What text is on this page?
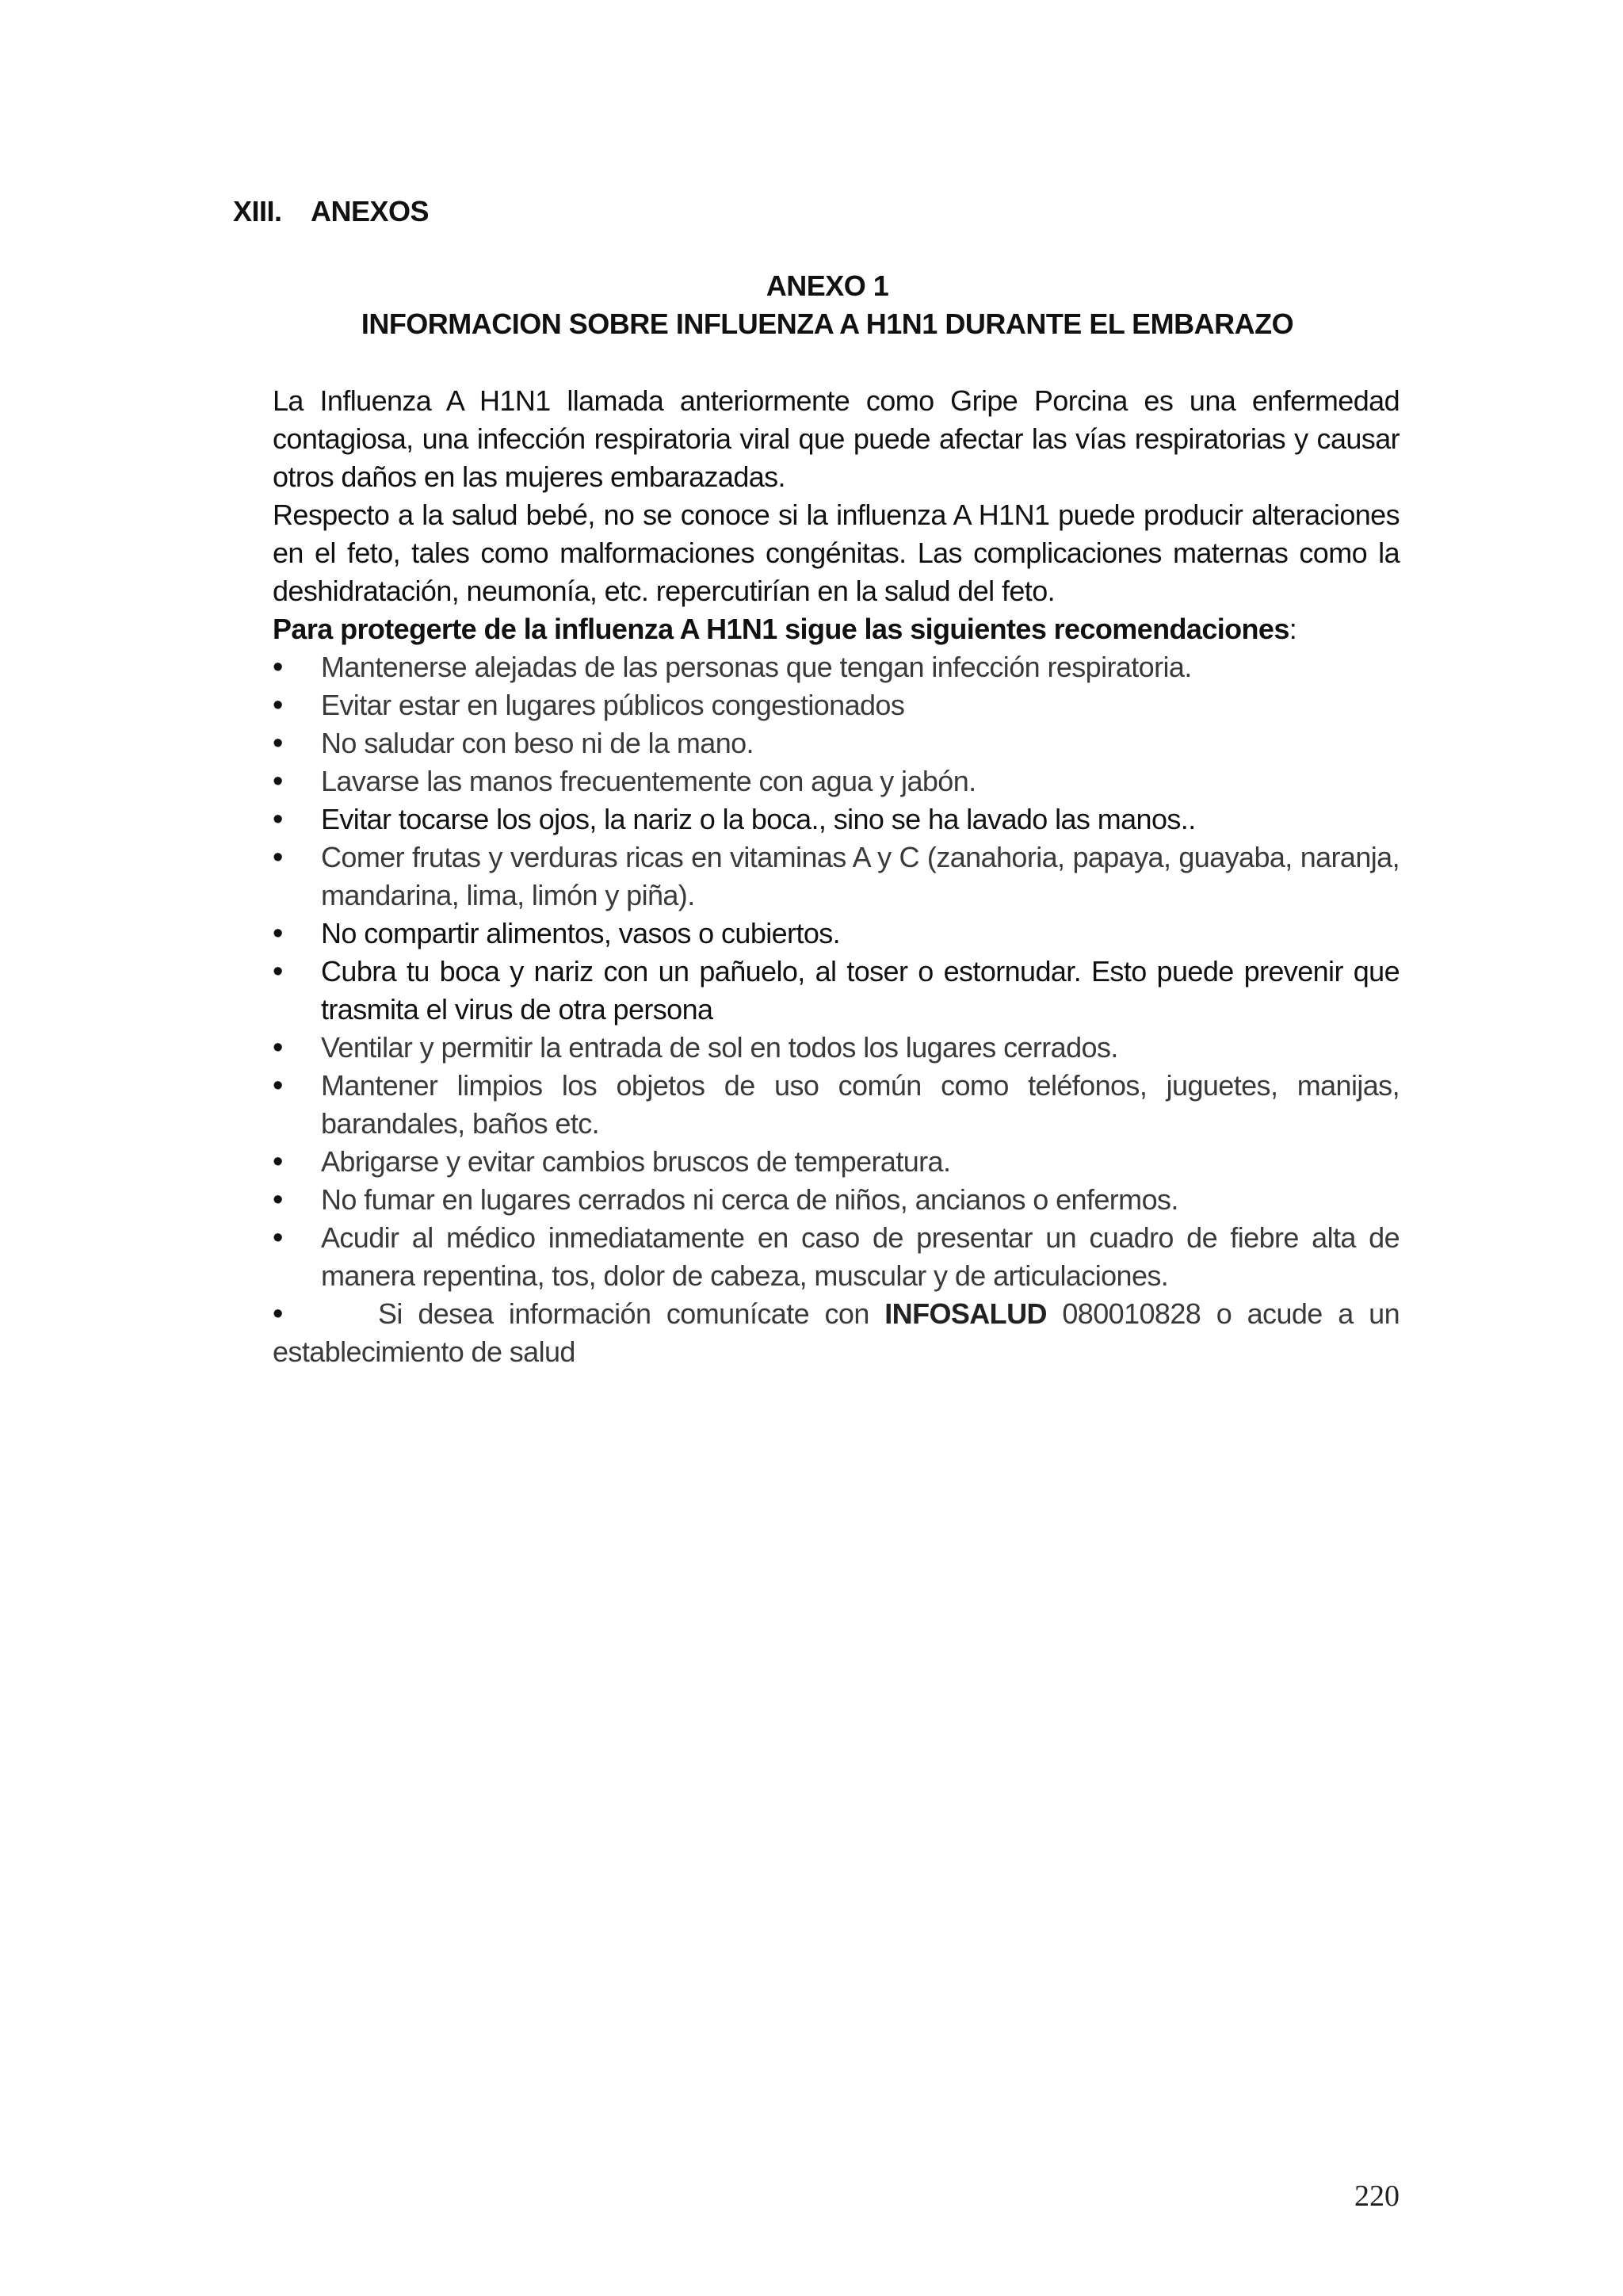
XIII. ANEXOS
ANEXO 1
INFORMACION SOBRE INFLUENZA A H1N1 DURANTE EL EMBARAZO

La Influenza A H1N1 llamada anteriormente como Gripe Porcina es una enfermedad contagiosa, una infección respiratoria viral que puede afectar las vías respiratorias y causar otros daños en las mujeres embarazadas.

Respecto a la salud bebé, no se conoce si la influenza A H1N1 puede producir alteraciones en el feto, tales como malformaciones congénitas. Las complicaciones maternas como la deshidratación, neumonía, etc. repercutirían en la salud del feto.

Para protegerte de la influenza A H1N1 sigue las siguientes recomendaciones:

• Mantenerse alejadas de las personas que tengan infección respiratoria.
• Evitar estar en lugares públicos congestionados
• No saludar con beso ni de la mano.
• Lavarse las manos frecuentemente con agua y jabón.
• Evitar tocarse los ojos, la nariz o la boca., sino se ha lavado las manos..
• Comer frutas y verduras ricas en vitaminas A y C (zanahoria, papaya, guayaba, naranja, mandarina, lima, limón y piña).
• No compartir alimentos, vasos o cubiertos.
• Cubra tu boca y nariz con un pañuelo, al toser o estornudar. Esto puede prevenir que trasmita el virus de otra persona
• Ventilar y permitir la entrada de sol en todos los lugares cerrados.
• Mantener limpios los objetos de uso común como teléfonos, juguetes, manijas, barandales, baños etc.
• Abrigarse y evitar cambios bruscos de temperatura.
• No fumar en lugares cerrados ni cerca de niños, ancianos o enfermos.
• Acudir al médico inmediatamente en caso de presentar un cuadro de fiebre alta de manera repentina, tos, dolor de cabeza, muscular y de articulaciones.
•	Si desea información comunícate con INFOSALUD 080010828 o acude a un establecimiento de salud
220
